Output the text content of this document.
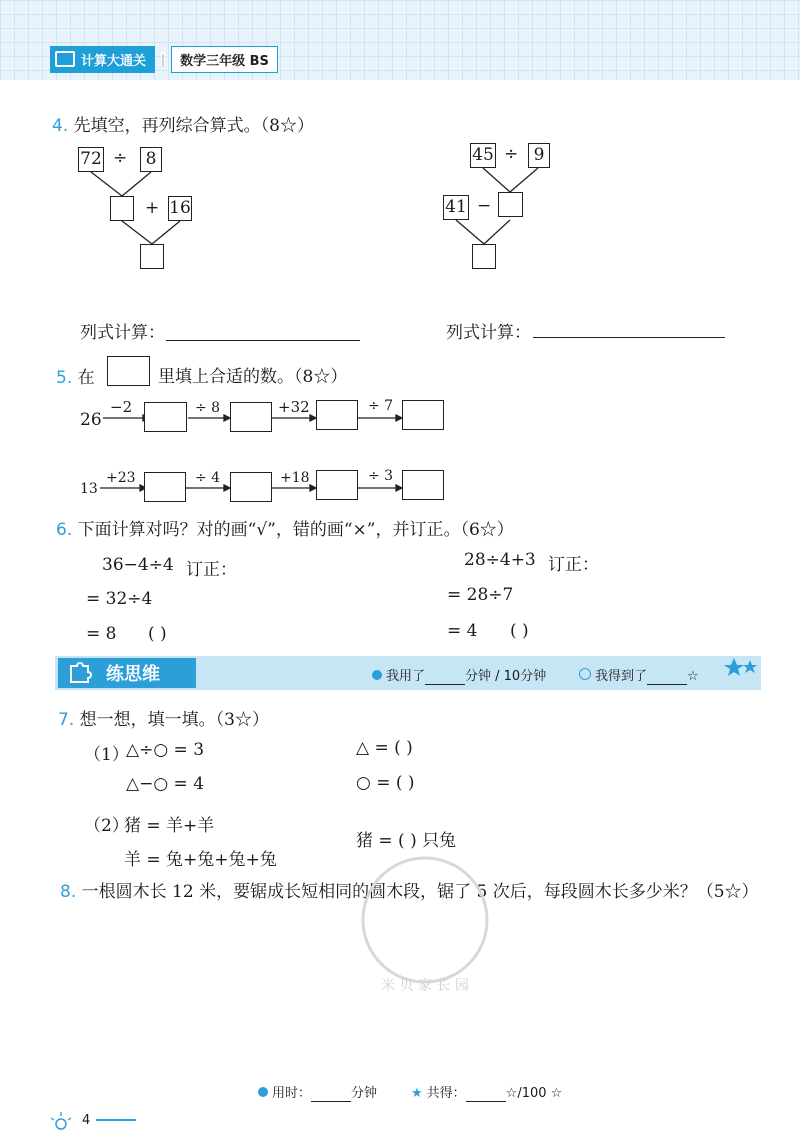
计算大通关 |	数学三年级 BS
4. 先填空，再列综合算式。（8☆）
72 ÷	8
+ 16
45 ÷ 9
41 −
列式计算：	列式计算：
5. 在	里填上合适的数。（8☆）
26
−2	÷ 8	+32	÷ 7
13
+23	÷ 4	+18	÷ 3
6. 下面计算对吗？对的画“√”，错的画“×”，并订正。（6☆）
36−4÷4 订正：
= 32÷4
= 8 ( )
28÷4+3 订正：
= 28÷7
= 4 ( )
练思维	我用了	分钟 / 10分钟	我得到了	☆
7. 想一想，填一填。（3☆）
（1）
△÷○ = 3
△−○ = 4
△ = ( )
○ = ( )
（2）
猪 = 羊+羊
羊 = 兔+兔+兔+兔
猪 = ( ) 只兔
8. 一根圆木长 12 米，要锯成长短相同的圆木段，锯了 5 次后，每段圆木长多少米？（5☆）
米 贝 家 长 园
用时：	分钟	★ 共得：	☆/100 ☆
4
